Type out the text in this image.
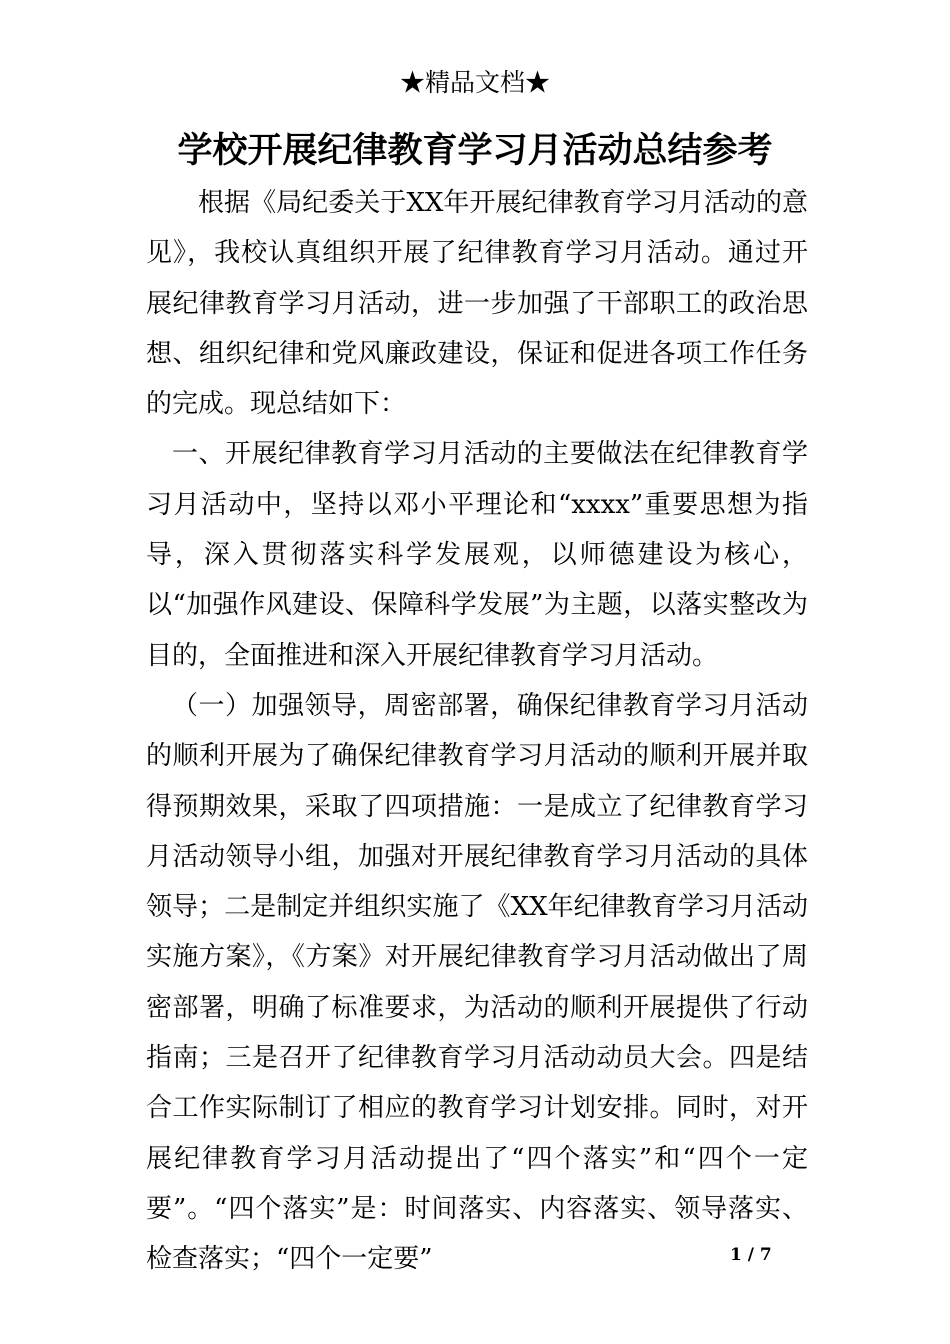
★精品文档★
学校开展纪律教育学习月活动总结参考

根据《局纪委关于XX年开展纪律教育学习月活动的意见》，我校认真组织开展了纪律教育学习月活动。通过开展纪律教育学习月活动，进一步加强了干部职工的政治思想、组织纪律和党风廉政建设，保证和促进各项工作任务的完成。现总结如下：

一、开展纪律教育学习月活动的主要做法在纪律教育学习月活动中，坚持以邓小平理论和“xxxx”重要思想为指导，深入贯彻落实科学发展观，以师德建设为核心，以“加强作风建设、保障科学发展”为主题，以落实整改为目的，全面推进和深入开展纪律教育学习月活动。

（一）加强领导，周密部署，确保纪律教育学习月活动的顺利开展为了确保纪律教育学习月活动的顺利开展并取得预期效果，采取了四项措施：一是成立了纪律教育学习月活动领导小组，加强对开展纪律教育学习月活动的具体领导；二是制定并组织实施了《XX年纪律教育学习月活动实施方案》，《方案》对开展纪律教育学习月活动做出了周密部署，明确了标准要求，为活动的顺利开展提供了行动指南；三是召开了纪律教育学习月活动动员大会。四是结合工作实际制订了相应的教育学习计划安排。同时，对开展纪律教育学习月活动提出了“四个落实”和“四个一定要”。“四个落实”是：时间落实、内容落实、领导落实、检查落实；“四个一定要”	1 / 7
